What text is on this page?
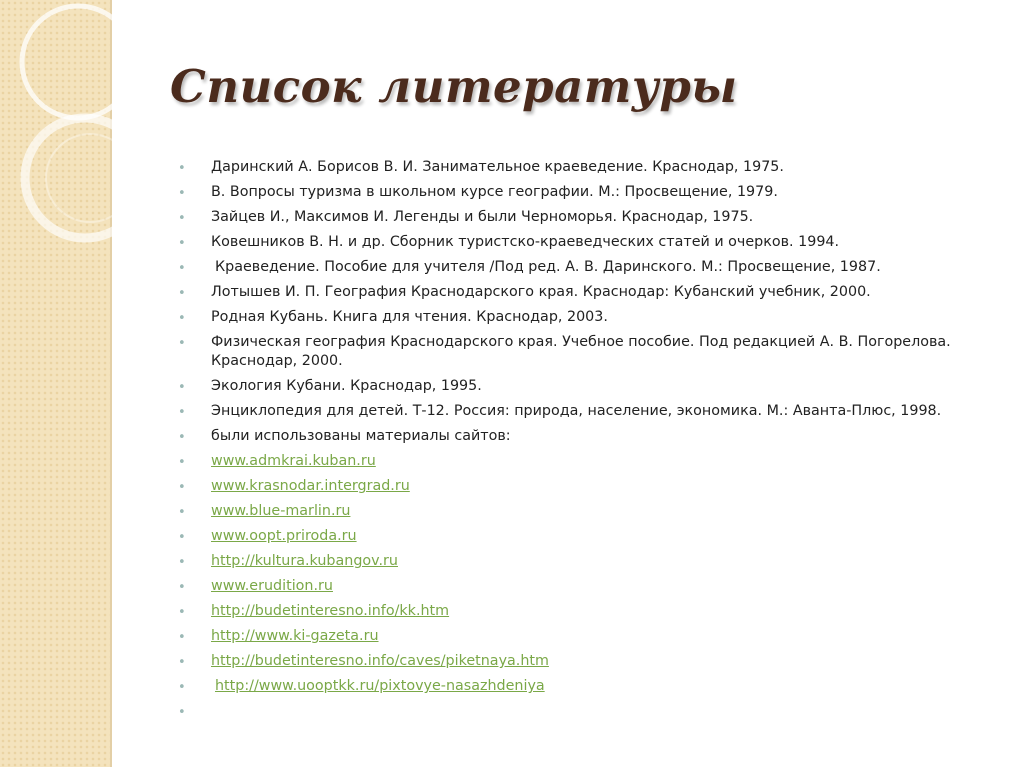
Список литературы
• Даринский А. Борисов В. И. Занимательное краеведение. Краснодар, 1975.
• В. Вопросы туризма в школьном курсе географии. М.: Просвещение, 1979.
• Зайцев И., Максимов И. Легенды и были Черноморья. Краснодар, 1975.
• Ковешников В. Н. и др. Сборник туристско-краеведческих статей и очерков. 1994.
• Краеведение. Пособие для учителя /Под ред. А. В. Даринского. М.: Просвещение, 1987.
• Лотышев И. П. География Краснодарского края. Краснодар: Кубанский учебник, 2000.
• Родная Кубань. Книга для чтения. Краснодар, 2003.
• Физическая география Краснодарского края. Учебное пособие. Под редакцией А. В. Погорелова. Краснодар, 2000.
• Экология Кубани. Краснодар, 1995.
• Энциклопедия для детей. Т-12. Россия: природа, население, экономика. М.: Аванта-Плюс, 1998.
• были использованы материалы сайтов:
• www.admkrai.kuban.ru
• www.krasnodar.intergrad.ru
• www.blue-marlin.ru
• www.oopt.priroda.ru
• http://kultura.kubangov.ru
• www.erudition.ru
• http://budetinteresno.info/kk.htm
• http://www.ki-gazeta.ru
• http://budetinteresno.info/caves/piketnaya.htm
• http://www.uooptkk.ru/pixtovye-nasazhdeniya
•
